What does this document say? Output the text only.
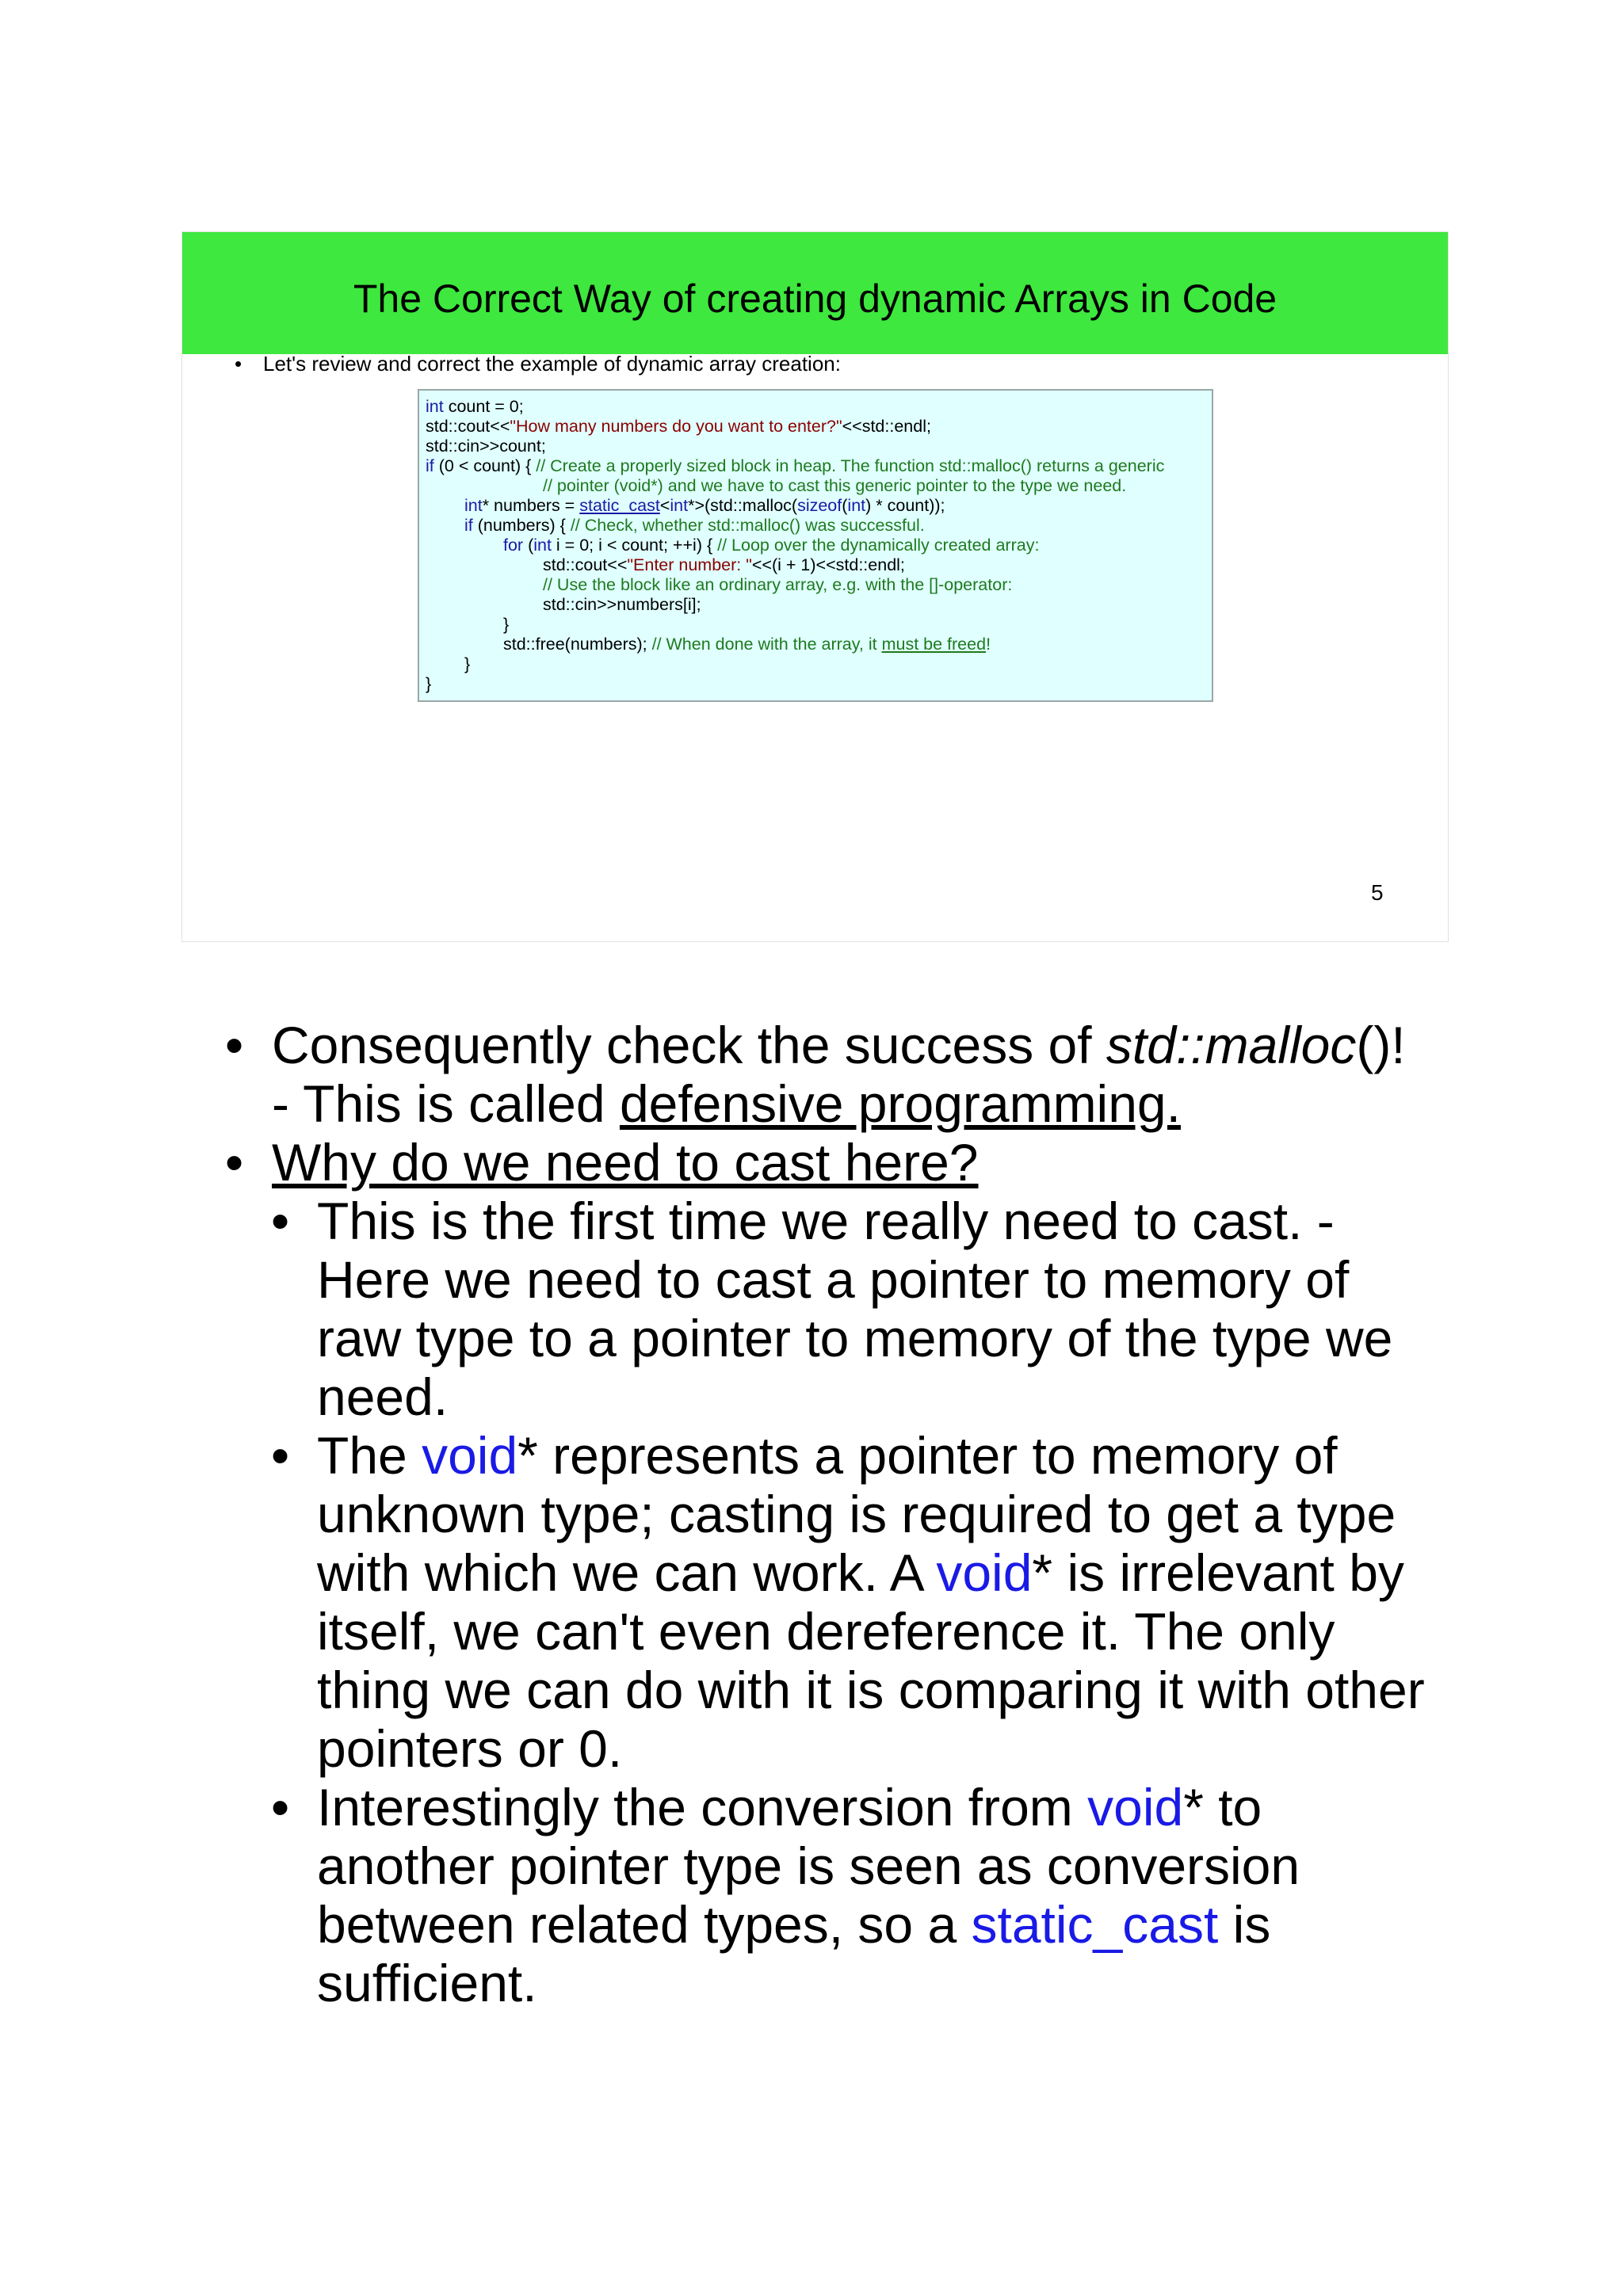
The Correct Way of creating dynamic Arrays in Code
• Let's review and correct the example of dynamic array creation:
int count = 0;
std::cout<<"How many numbers do you want to enter?"<<std::endl;
std::cin>>count;
if (0 < count) { // Create a properly sized block in heap. The function std::malloc() returns a generic
// pointer (void*) and we have to cast this generic pointer to the type we need.
int* numbers = static_cast<int*>(std::malloc(sizeof(int) * count));
if (numbers) { // Check, whether std::malloc() was successful.
for (int i = 0; i < count; ++i) { // Loop over the dynamically created array:
std::cout<<"Enter number: "<<(i + 1)<<std::endl;
// Use the block like an ordinary array, e.g. with the []-operator:
std::cin>>numbers[i];
}
std::free(numbers); // When done with the array, it must be freed!
}
}
5
• Consequently check the success of std::malloc()!
- This is called defensive programming.
• Why do we need to cast here?
• This is the first time we really need to cast. -
Here we need to cast a pointer to memory of
raw type to a pointer to memory of the type we
need.
• The void* represents a pointer to memory of
unknown type; casting is required to get a type
with which we can work. A void* is irrelevant by
itself, we can't even dereference it. The only
thing we can do with it is comparing it with other
pointers or 0.
• Interestingly the conversion from void* to
another pointer type is seen as conversion
between related types, so a static_cast is
sufficient.
